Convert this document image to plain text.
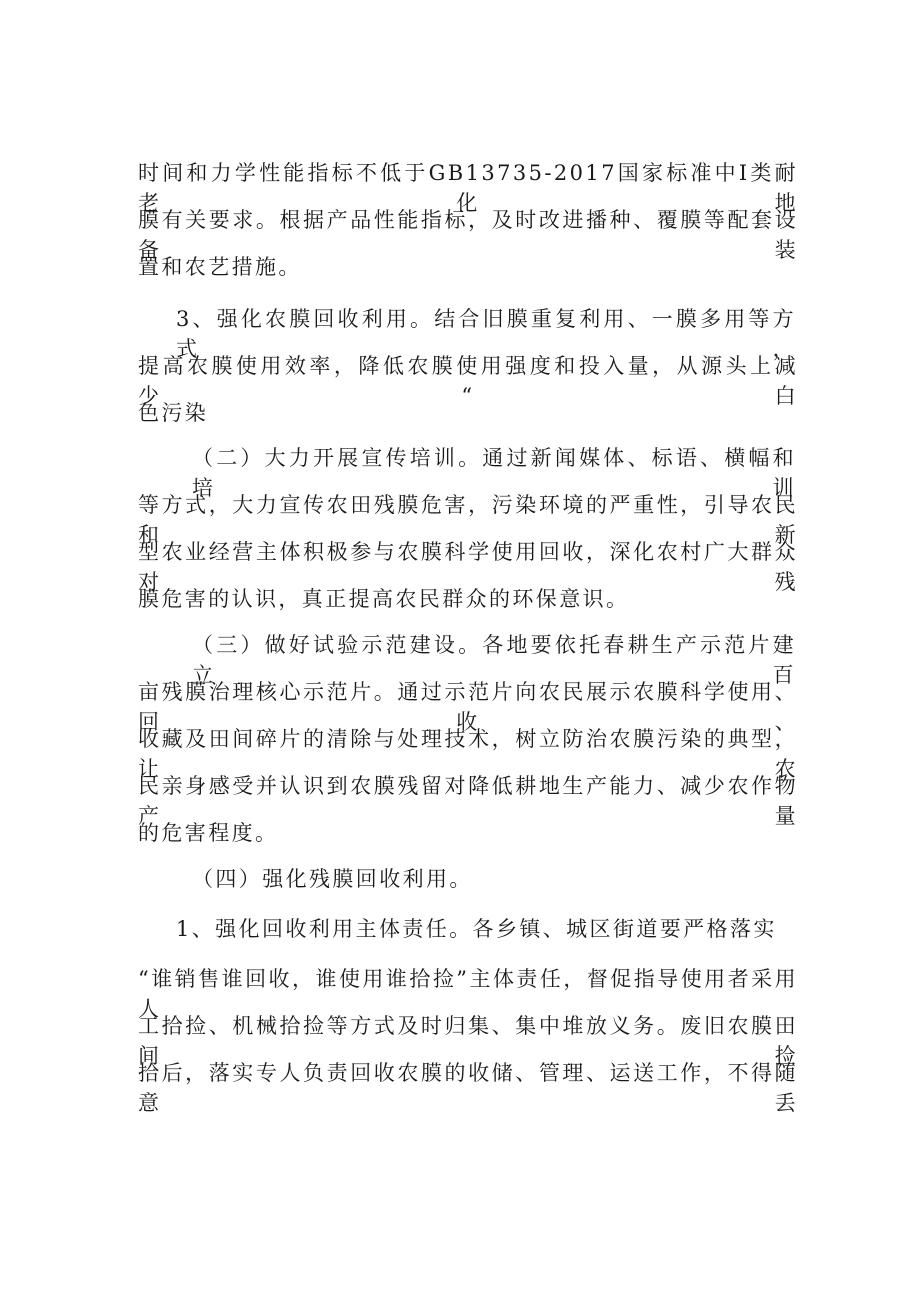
时间和力学性能指标不低于GB13735-2017国家标准中Ⅰ类耐老化地
膜有关要求。根据产品性能指标，及时改进播种、覆膜等配套设备装
置和农艺措施。
3、强化农膜回收利用。结合旧膜重复利用、一膜多用等方式，
提高农膜使用效率，降低农膜使用强度和投入量，从源头上减少“白
色污染
（二）大力开展宣传培训。通过新闻媒体、标语、横幅和培训
等方式，大力宣传农田残膜危害，污染环境的严重性，引导农民和新
型农业经营主体积极参与农膜科学使用回收，深化农村广大群众对残
膜危害的认识，真正提高农民群众的环保意识。
（三）做好试验示范建设。各地要依托春耕生产示范片建立百
亩残膜治理核心示范片。通过示范片向农民展示农膜科学使用、回收、
收藏及田间碎片的清除与处理技术，树立防治农膜污染的典型，让农
民亲身感受并认识到农膜残留对降低耕地生产能力、减少农作物产量
的危害程度。
（四）强化残膜回收利用。
1、强化回收利用主体责任。各乡镇、城区街道要严格落实
“谁销售谁回收，谁使用谁拾捡”主体责任，督促指导使用者采用人
工拾捡、机械拾捡等方式及时归集、集中堆放义务。废旧农膜田间捡
拾后，落实专人负责回收农膜的收储、管理、运送工作，不得随意丢
